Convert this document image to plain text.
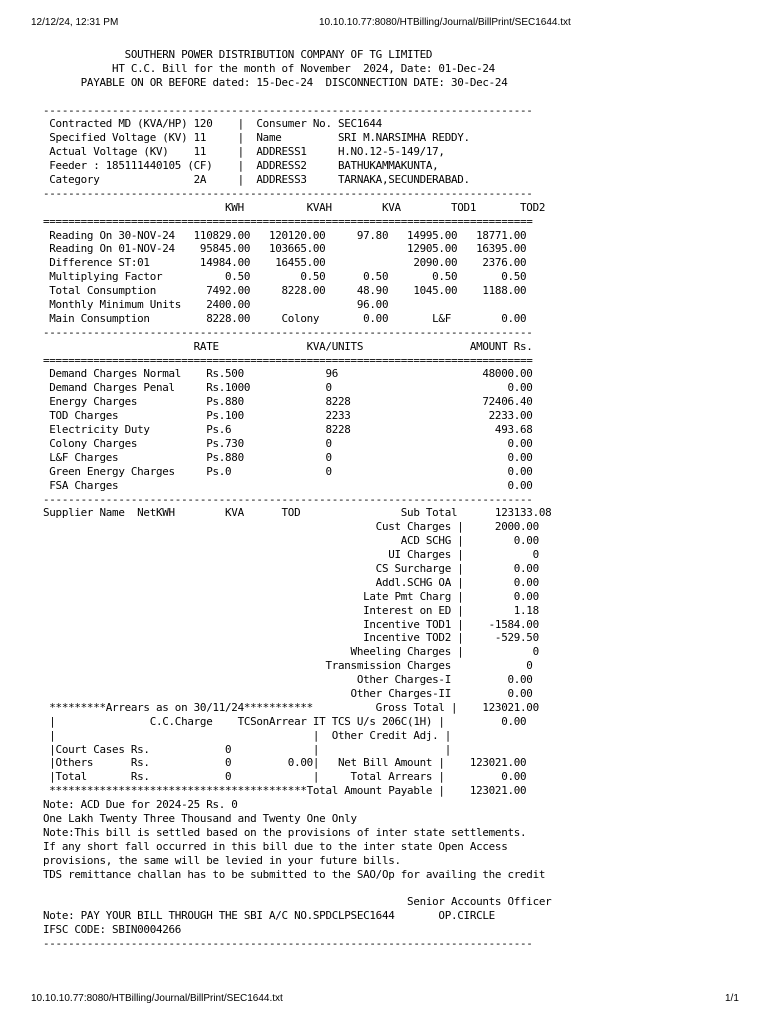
12/12/24, 12:31 PM	10.10.10.77:8080/HTBilling/Journal/BillPrint/SEC1644.txt
SOUTHERN POWER DISTRIBUTION COMPANY OF TG LIMITED
HT C.C. Bill for the month of November  2024, Date: 01-Dec-24
PAYABLE ON OR BEFORE dated: 15-Dec-24  DISCONNECTION DATE: 30-Dec-24
------------------------------------------------------------------------------
Contracted MD (KVA/HP) 120    |  Consumer No. SEC1644
Specified Voltage (KV) 11     |  Name         SRI M.NARSIMHA REDDY.
Actual Voltage (KV)    11     |  ADDRESS1     H.NO.12-5-149/17,
Feeder : 185111440105 (CF)    |  ADDRESS2     BATHUKAMMAKUNTA,
Category               2A     |  ADDRESS3     TARNAKA,SECUNDERABAD.
------------------------------------------------------------------------------
KWH          KVAH        KVA        TOD1       TOD2
==============================================================================
Reading On 30-NOV-24   110829.00   120120.00     97.80   14995.00   18771.00
Reading On 01-NOV-24    95845.00   103665.00             12905.00   16395.00
Difference ST:01        14984.00    16455.00              2090.00    2376.00
Multiplying Factor          0.50        0.50      0.50       0.50       0.50
Total Consumption        7492.00     8228.00     48.90    1045.00    1188.00
Monthly Minimum Units    2400.00                 96.00
Main Consumption         8228.00     Colony       0.00       L&F        0.00
------------------------------------------------------------------------------
RATE              KVA/UNITS                 AMOUNT Rs.
==============================================================================
Demand Charges Normal    Rs.500             96                       48000.00
Demand Charges Penal     Rs.1000            0                            0.00
Energy Charges           Ps.880             8228                     72406.40
TOD Charges              Ps.100             2233                      2233.00
Electricity Duty         Ps.6               8228                       493.68
Colony Charges           Ps.730             0                            0.00
L&F Charges              Ps.880             0                            0.00
Green Energy Charges     Ps.0               0                            0.00
FSA Charges                                                              0.00
------------------------------------------------------------------------------
Supplier Name  NetKWH        KVA      TOD                Sub Total      123133.08
Cust Charges |     2000.00
ACD SCHG |        0.00
UI Charges |           0
CS Surcharge |        0.00
Addl.SCHG OA |        0.00
Late Pmt Charg |        0.00
Interest on ED |        1.18
Incentive TOD1 |    -1584.00
Incentive TOD2 |     -529.50
Wheeling Charges |           0
Transmission Charges            0
Other Charges-I         0.00
Other Charges-II         0.00
*********Arrears as on 30/11/24***********          Gross Total |    123021.00
|               C.C.Charge    TCSonArrear IT TCS U/s 206C(1H) |         0.00
|                                         |  Other Credit Adj. |
|Court Cases Rs.            0             |                    |
|Others      Rs.            0         0.00|   Net Bill Amount |    123021.00
|Total       Rs.            0             |     Total Arrears |         0.00
*****************************************Total Amount Payable |    123021.00
Note: ACD Due for 2024-25 Rs. 0
One Lakh Twenty Three Thousand and Twenty One Only
Note:This bill is settled based on the provisions of inter state settlements.
If any short fall occurred in this bill due to the inter state Open Access
provisions, the same will be levied in your future bills.
TDS remittance challan has to be submitted to the SAO/Op for availing the credit
Senior Accounts Officer
Note: PAY YOUR BILL THROUGH THE SBI A/C NO.SPDCLPSEC1644       OP.CIRCLE
IFSC CODE: SBIN0004266
------------------------------------------------------------------------------
10.10.10.77:8080/HTBilling/Journal/BillPrint/SEC1644.txt	1/1
